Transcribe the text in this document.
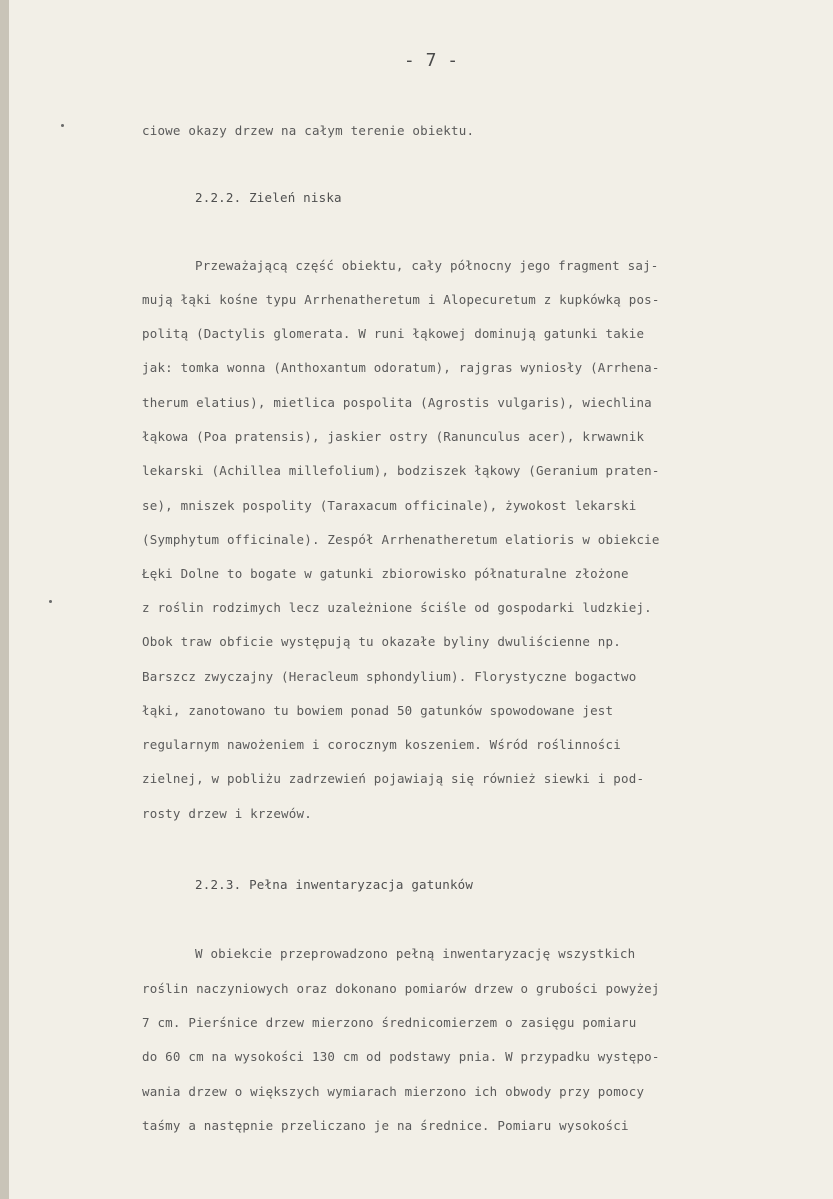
- 7 -
ciowe okazy drzew na całym terenie obiektu.
2.2.2. Zieleń niska
Przeważającą część obiektu, cały północny jego fragment saj-
mują łąki kośne typu Arrhenatheretum i Alopecuretum z kupkówką pos-
politą (Dactylis glomerata. W runi łąkowej dominują gatunki takie
jak: tomka wonna (Anthoxantum odoratum), rajgras wyniosły (Arrhena-
therum elatius), mietlica pospolita (Agrostis vulgaris), wiechlina
łąkowa (Poa pratensis), jaskier ostry (Ranunculus acer), krwawnik
lekarski (Achillea millefolium), bodziszek łąkowy (Geranium praten-
se), mniszek pospolity (Taraxacum officinale), żywokost lekarski
(Symphytum officinale). Zespół Arrhenatheretum elatioris w obiekcie
Łęki Dolne to bogate w gatunki zbiorowisko półnaturalne złożone
z roślin rodzimych lecz uzależnione ściśle od gospodarki ludzkiej.
Obok traw obficie występują tu okazałe byliny dwuliścienne np.
Barszcz zwyczajny (Heracleum sphondylium). Florystyczne bogactwo
łąki, zanotowano tu bowiem ponad 50 gatunków spowodowane jest
regularnym nawożeniem i corocznym koszeniem. Wśród roślinności
zielnej, w pobliżu zadrzewień pojawiają się również siewki i pod-
rosty drzew i krzewów.
2.2.3. Pełna inwentaryzacja gatunków
W obiekcie przeprowadzono pełną inwentaryzację wszystkich
roślin naczyniowych oraz dokonano pomiarów drzew o grubości powyżej
7 cm. Pierśnice drzew mierzono średnicomierzem o zasięgu pomiaru
do 60 cm na wysokości 130 cm od podstawy pnia. W przypadku występo-
wania drzew o większych wymiarach mierzono ich obwody przy pomocy
taśmy a następnie przeliczano je na średnice. Pomiaru wysokości
